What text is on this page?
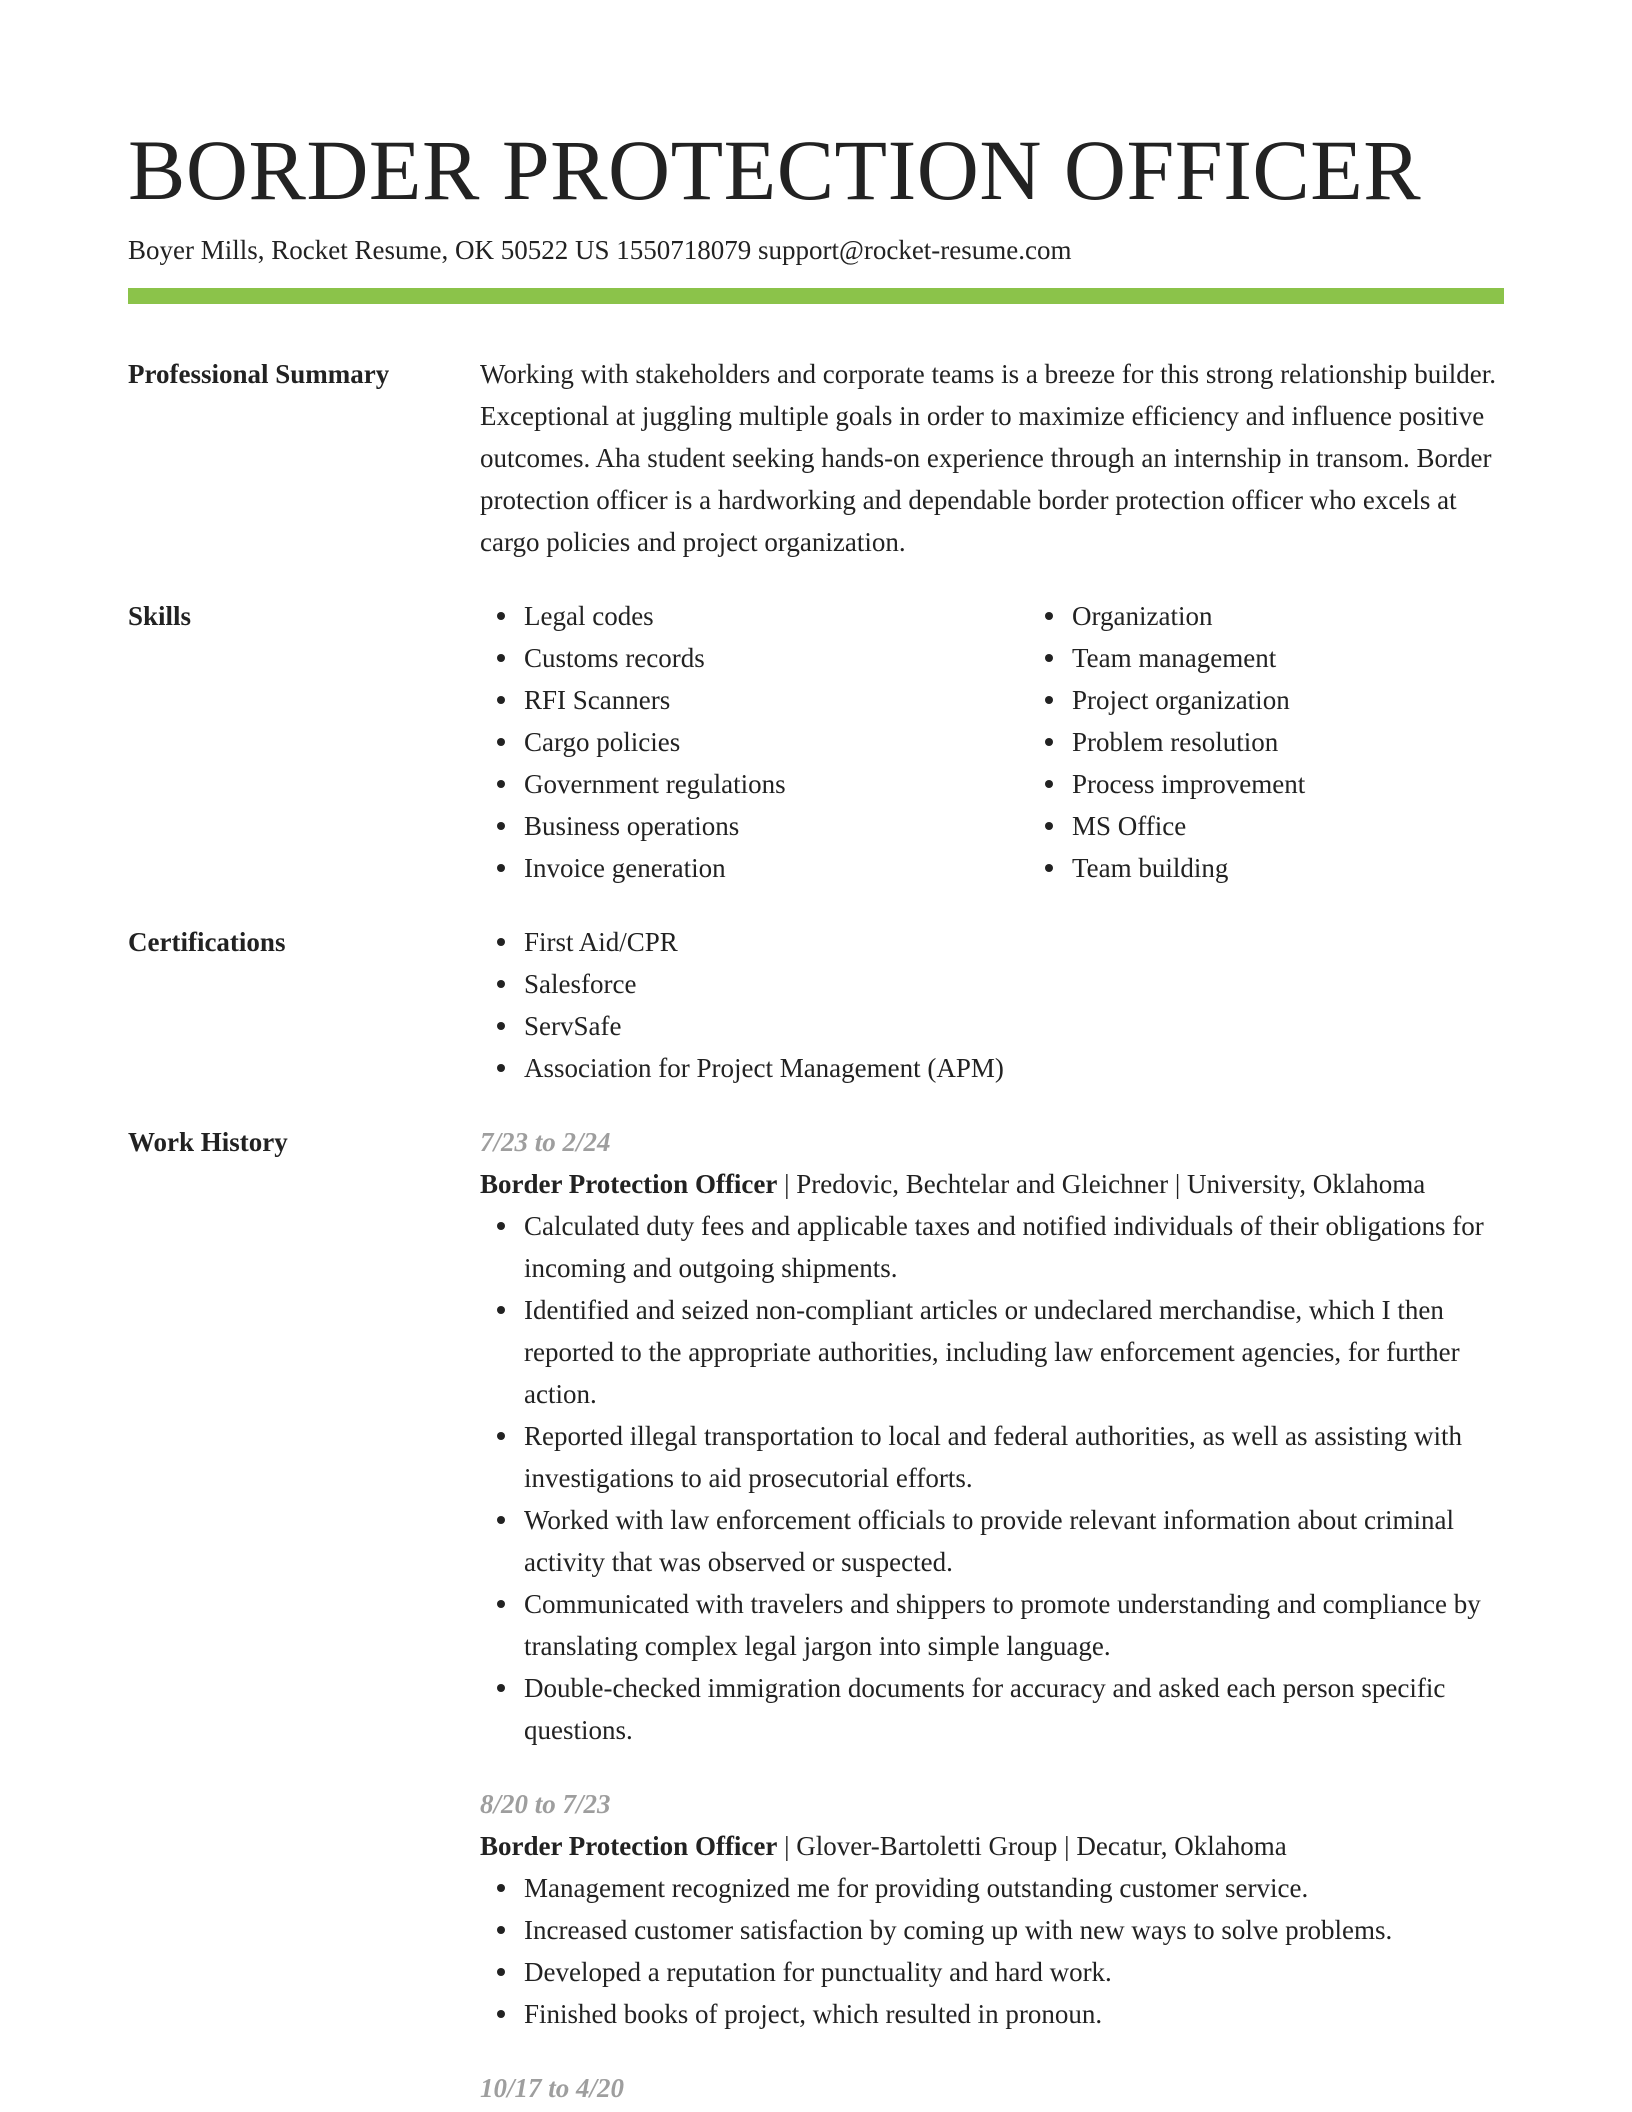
BORDER PROTECTION OFFICER
Boyer Mills, Rocket Resume, OK 50522 US 1550718079 support@rocket-resume.com
Professional Summary	Working with stakeholders and corporate teams is a breeze for this strong relationship builder. Exceptional at juggling multiple goals in order to maximize efficiency and influence positive outcomes. Aha student seeking hands-on experience through an internship in transom. Border protection officer is a hardworking and dependable border protection officer who excels at cargo policies and project organization.
Skills	Legal codes
Customs records
RFI Scanners
Cargo policies
Government regulations
Business operations
Invoice generation
Organization
Team management
Project organization
Problem resolution
Process improvement
MS Office
Team building
Certifications	First Aid/CPR
Salesforce
ServSafe
Association for Project Management (APM)
Work History	7/23 to 2/24
Border Protection Officer | Predovic, Bechtelar and Gleichner | University, Oklahoma
Calculated duty fees and applicable taxes and notified individuals of their obligations for incoming and outgoing shipments.
Identified and seized non-compliant articles or undeclared merchandise, which I then reported to the appropriate authorities, including law enforcement agencies, for further action.
Reported illegal transportation to local and federal authorities, as well as assisting with investigations to aid prosecutorial efforts.
Worked with law enforcement officials to provide relevant information about criminal activity that was observed or suspected.
Communicated with travelers and shippers to promote understanding and compliance by translating complex legal jargon into simple language.
Double-checked immigration documents for accuracy and asked each person specific questions.
8/20 to 7/23
Border Protection Officer | Glover-Bartoletti Group | Decatur, Oklahoma
Management recognized me for providing outstanding customer service.
Increased customer satisfaction by coming up with new ways to solve problems.
Developed a reputation for punctuality and hard work.
Finished books of project, which resulted in pronoun.
10/17 to 4/20
